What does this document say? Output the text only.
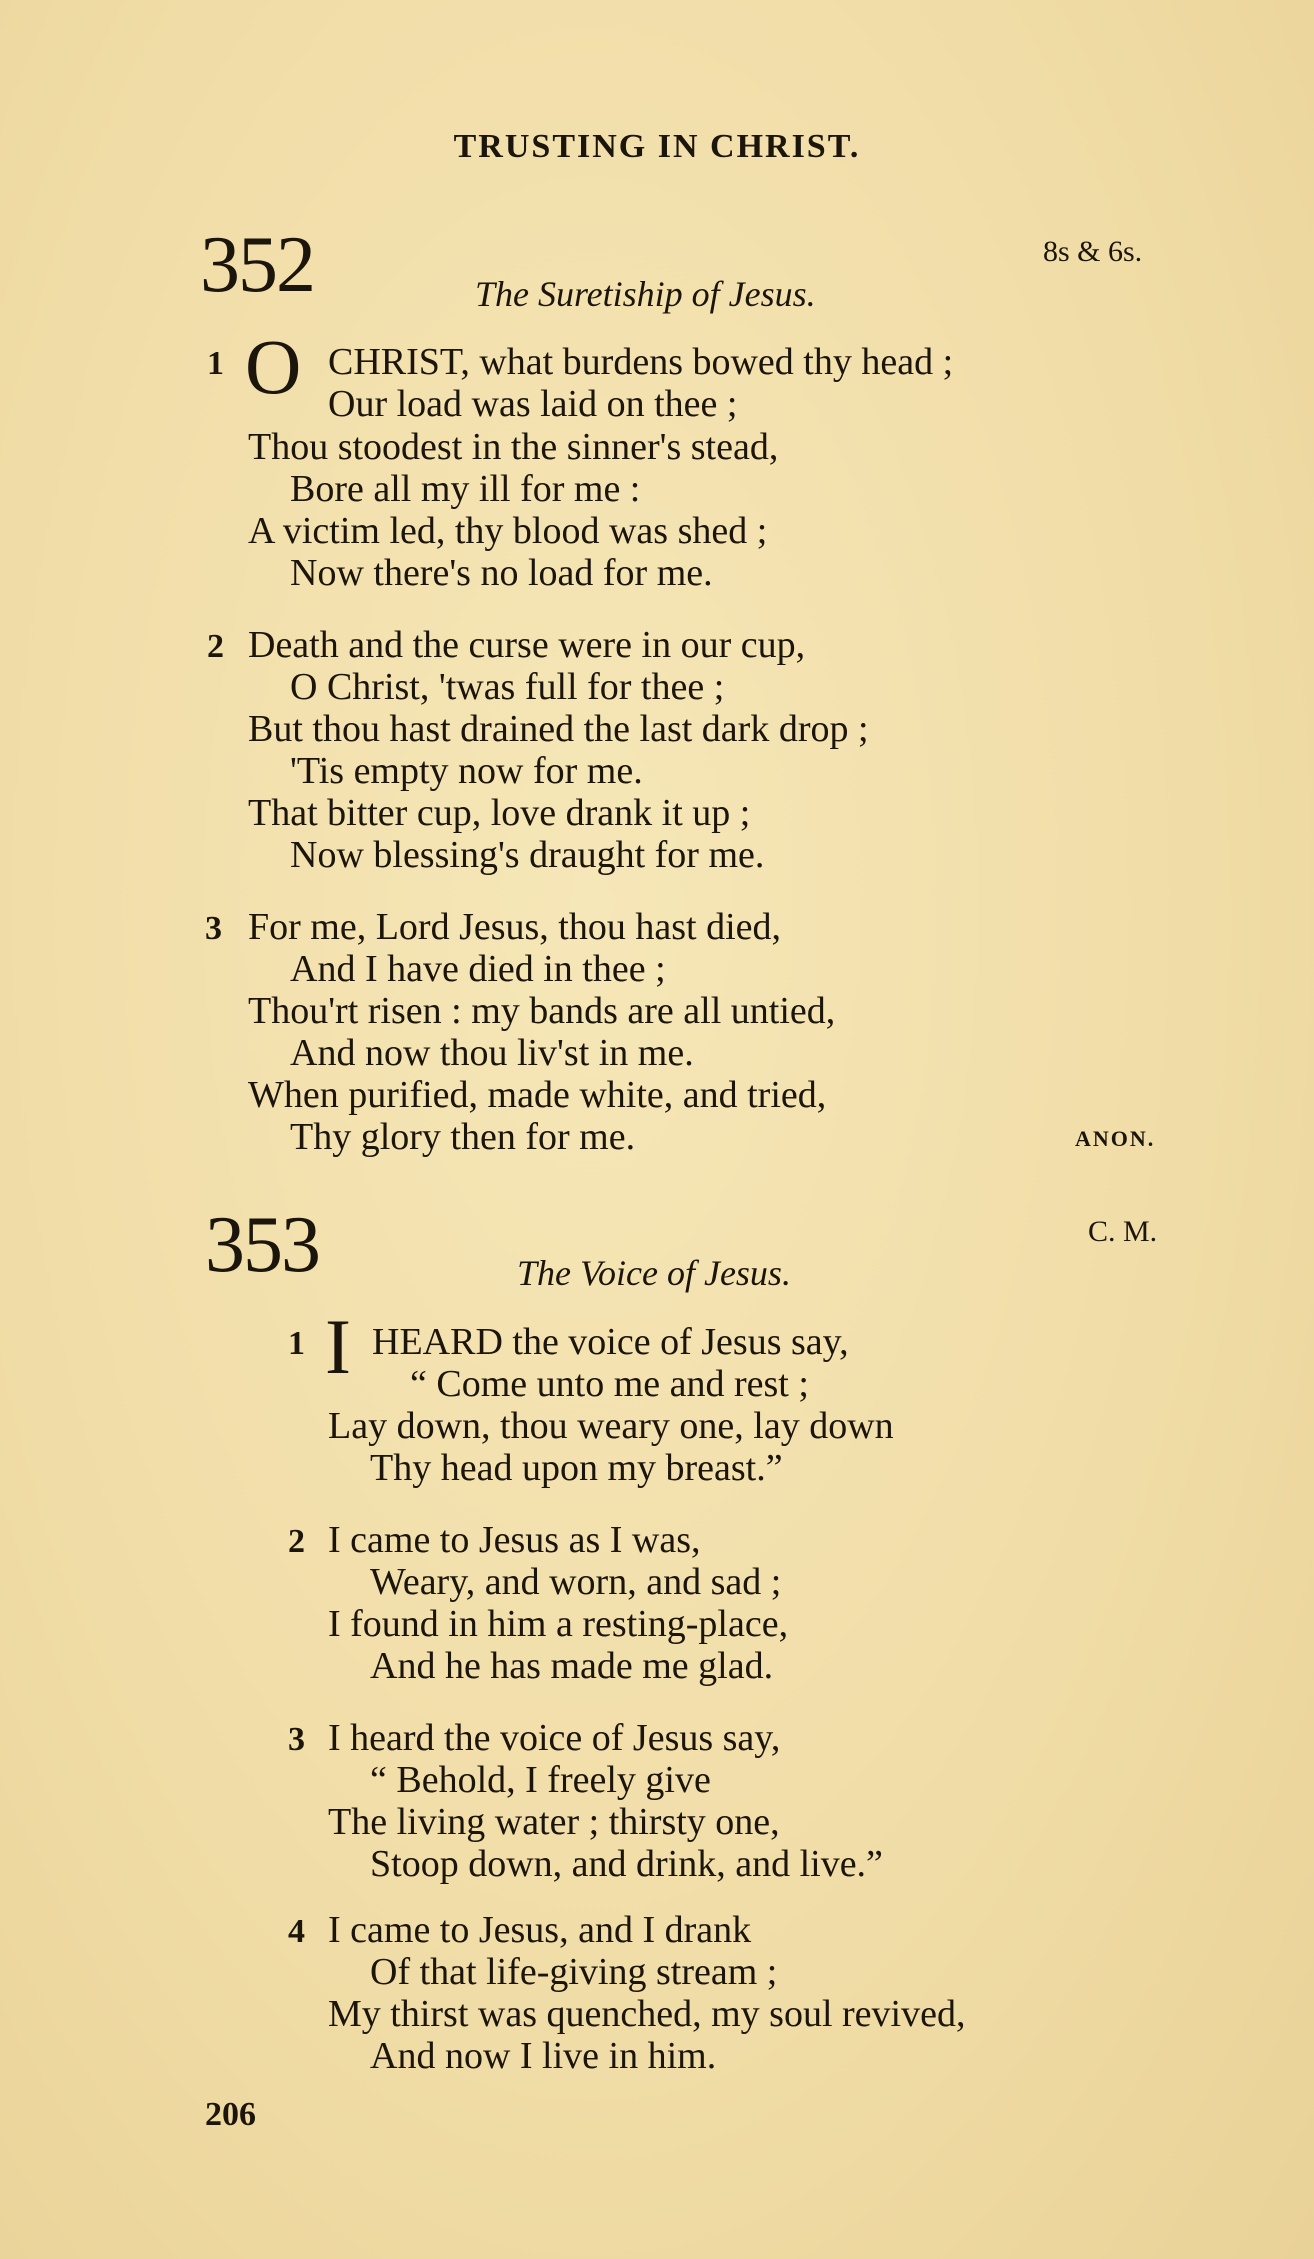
TRUSTING IN CHRIST.
352	8s & 6s.
The Suretiship of Jesus.
1 O CHRIST, what burdens bowed thy head ;
Our load was laid on thee ;
Thou stoodest in the sinner's stead,
Bore all my ill for me :
A victim led, thy blood was shed ;
Now there's no load for me.
2 Death and the curse were in our cup,
O Christ, 'twas full for thee ;
But thou hast drained the last dark drop ;
'Tis empty now for me.
That bitter cup, love drank it up ;
Now blessing's draught for me.
3 For me, Lord Jesus, thou hast died,
And I have died in thee ;
Thou'rt risen : my bands are all untied,
And now thou liv'st in me.
When purified, made white, and tried,
Thy glory then for me.	ANON.
353	C. M.
The Voice of Jesus.
1 I HEARD the voice of Jesus say,
“ Come unto me and rest ;
Lay down, thou weary one, lay down
Thy head upon my breast.”
2 I came to Jesus as I was,
Weary, and worn, and sad ;
I found in him a resting-place,
And he has made me glad.
3 I heard the voice of Jesus say,
“ Behold, I freely give
The living water ; thirsty one,
Stoop down, and drink, and live.”
4 I came to Jesus, and I drank
Of that life-giving stream ;
My thirst was quenched, my soul revived,
And now I live in him.
206
